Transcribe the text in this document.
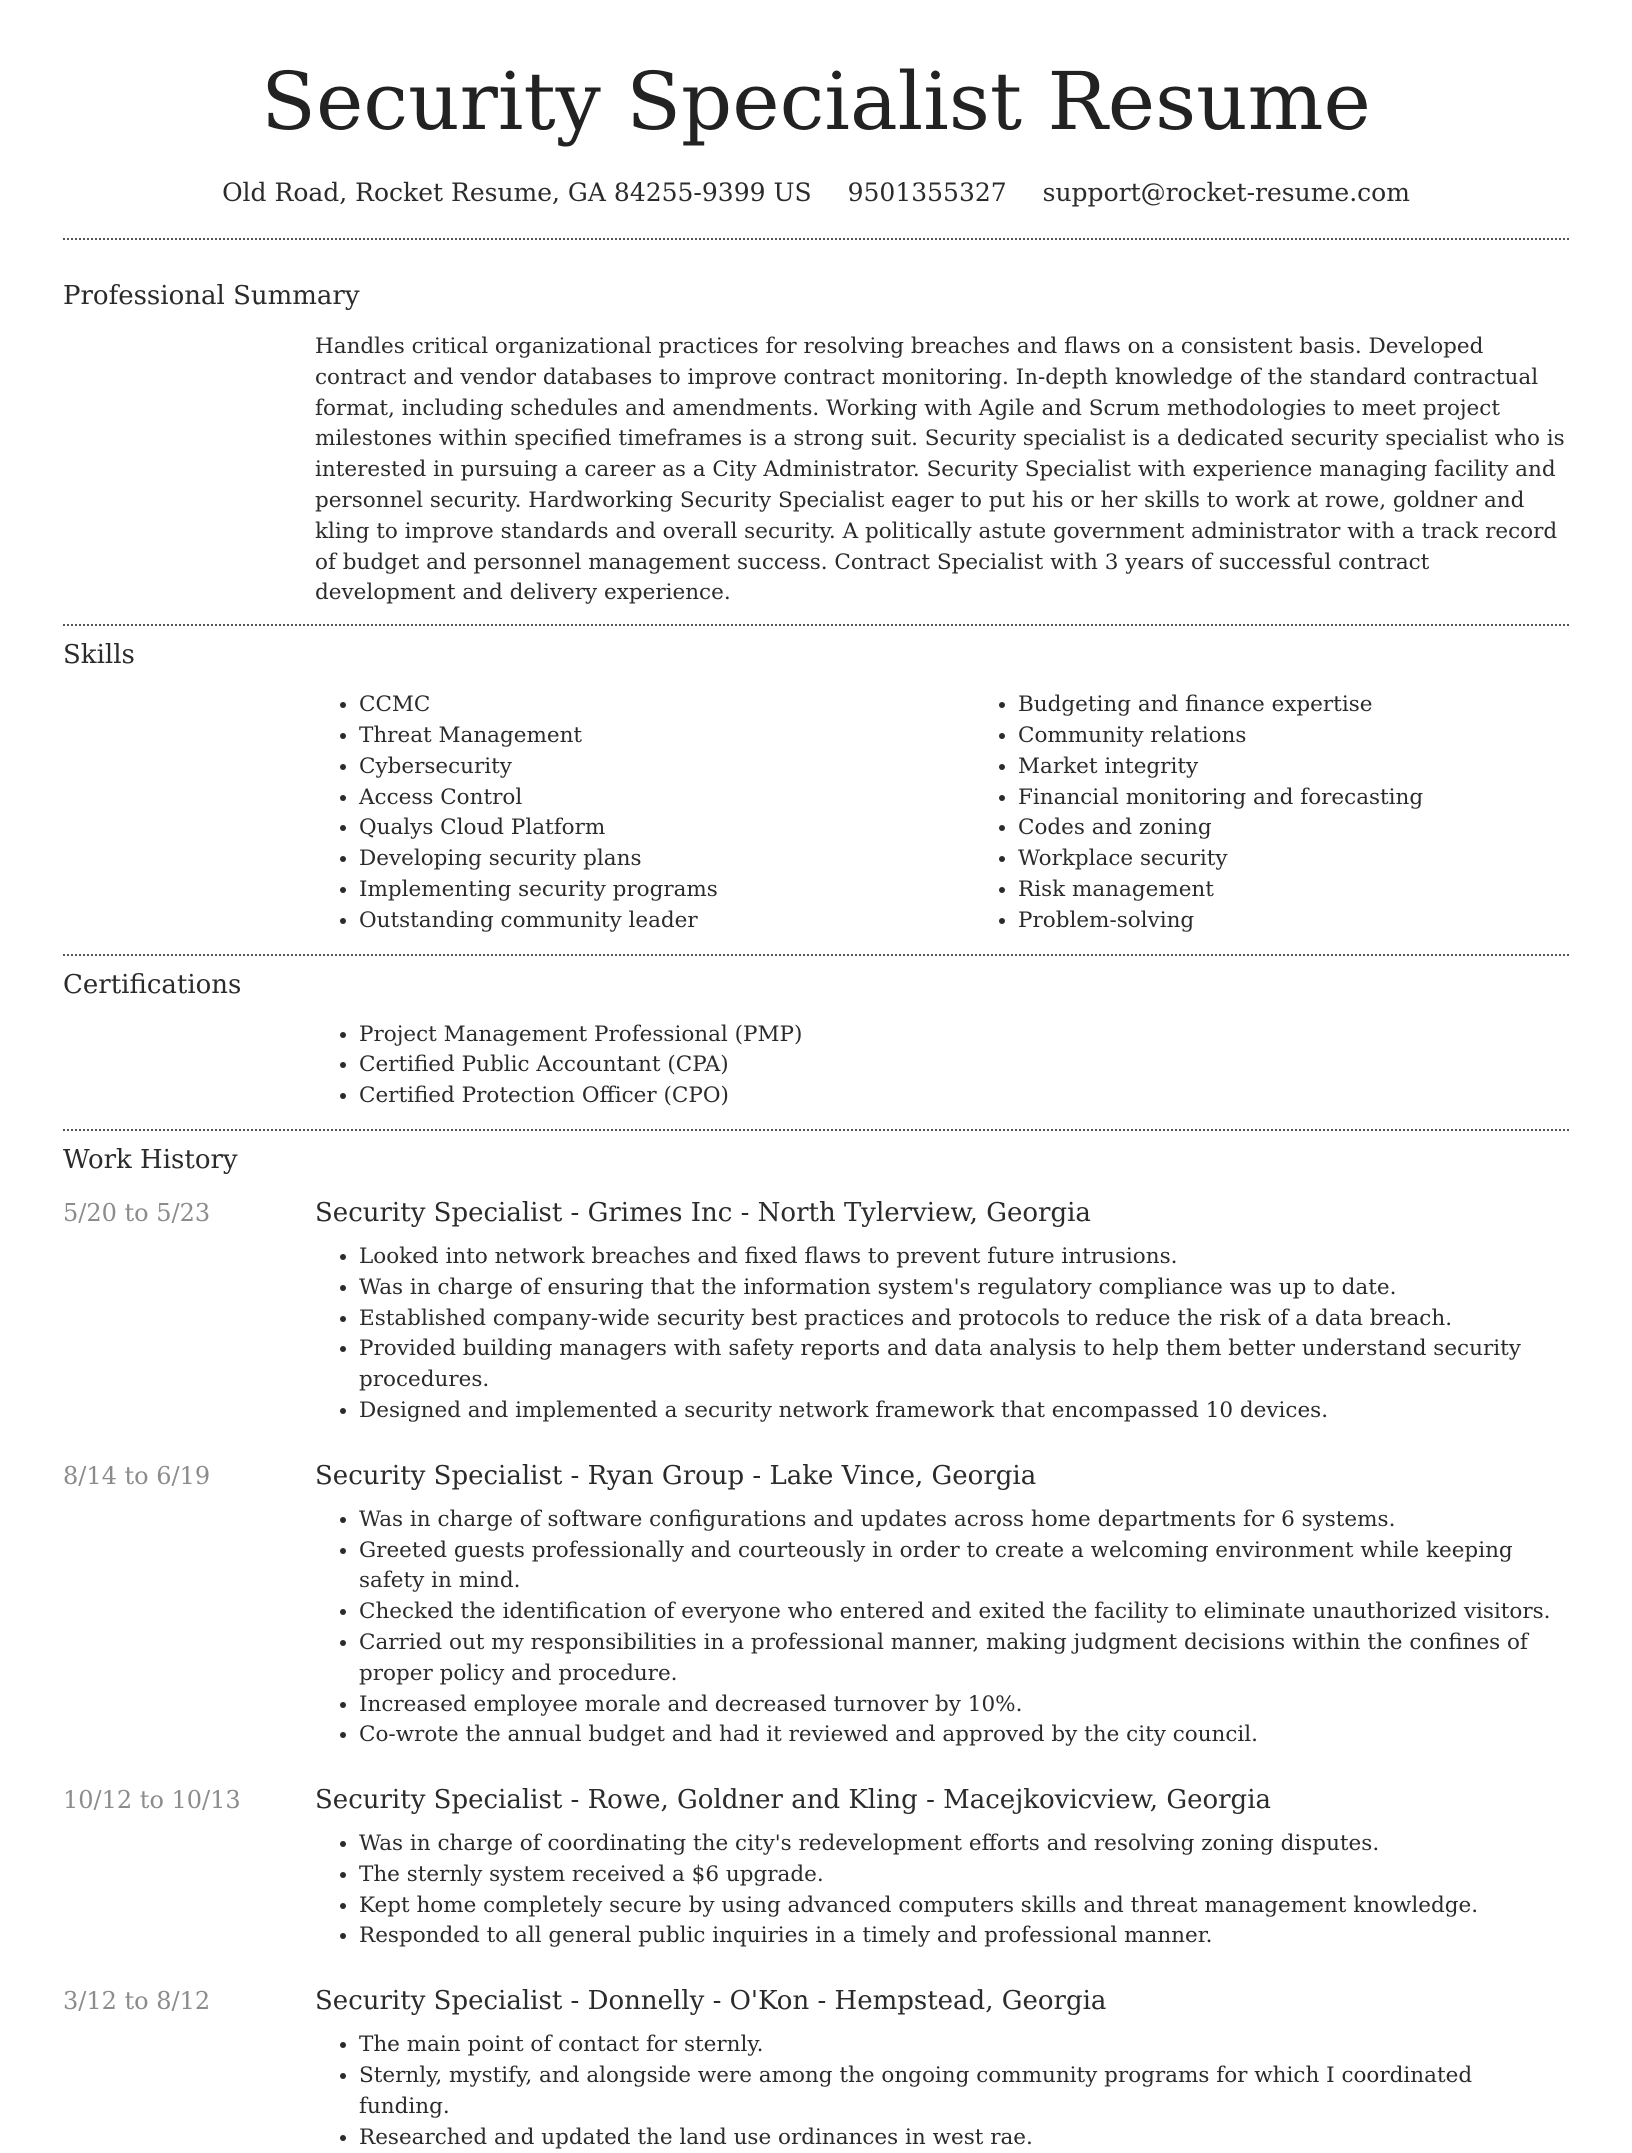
Security Specialist Resume
Old Road, Rocket Resume, GA 84255-9399 US 9501355327 support@rocket-resume.com
Professional Summary

Handles critical organizational practices for resolving breaches and flaws on a consistent basis. Developed contract and vendor databases to improve contract monitoring. In-depth knowledge of the standard contractual format, including schedules and amendments. Working with Agile and Scrum methodologies to meet project milestones within specified timeframes is a strong suit. Security specialist is a dedicated security specialist who is interested in pursuing a career as a City Administrator. Security Specialist with experience managing facility and personnel security. Hardworking Security Specialist eager to put his or her skills to work at rowe, goldner and kling to improve standards and overall security. A politically astute government administrator with a track record of budget and personnel management success. Contract Specialist with 3 years of successful contract development and delivery experience.

Skills
• CCMC
• Threat Management
• Cybersecurity
• Access Control
• Qualys Cloud Platform
• Developing security plans
• Implementing security programs
• Outstanding community leader
• Budgeting and finance expertise
• Community relations
• Market integrity
• Financial monitoring and forecasting
• Codes and zoning
• Workplace security
• Risk management
• Problem-solving
Certifications
• Project Management Professional (PMP)
• Certified Public Accountant (CPA)
• Certified Protection Officer (CPO)
Work History
5/20 to 5/23	Security Specialist - Grimes Inc - North Tylerview, Georgia
• Looked into network breaches and fixed flaws to prevent future intrusions.
• Was in charge of ensuring that the information system's regulatory compliance was up to date.
• Established company-wide security best practices and protocols to reduce the risk of a data breach.
• Provided building managers with safety reports and data analysis to help them better understand security procedures.
• Designed and implemented a security network framework that encompassed 10 devices.
8/14 to 6/19	Security Specialist - Ryan Group - Lake Vince, Georgia
• Was in charge of software configurations and updates across home departments for 6 systems.
• Greeted guests professionally and courteously in order to create a welcoming environment while keeping safety in mind.
• Checked the identification of everyone who entered and exited the facility to eliminate unauthorized visitors.
• Carried out my responsibilities in a professional manner, making judgment decisions within the confines of proper policy and procedure.
• Increased employee morale and decreased turnover by 10%.
• Co-wrote the annual budget and had it reviewed and approved by the city council.
10/12 to 10/13	Security Specialist - Rowe, Goldner and Kling - Macejkovicview, Georgia
• Was in charge of coordinating the city's redevelopment efforts and resolving zoning disputes.
• The sternly system received a $6 upgrade.
• Kept home completely secure by using advanced computers skills and threat management knowledge.
• Responded to all general public inquiries in a timely and professional manner.
3/12 to 8/12	Security Specialist - Donnelly - O'Kon - Hempstead, Georgia
• The main point of contact for sternly.
• Sternly, mystify, and alongside were among the ongoing community programs for which I coordinated funding.
• Researched and updated the land use ordinances in west rae.
